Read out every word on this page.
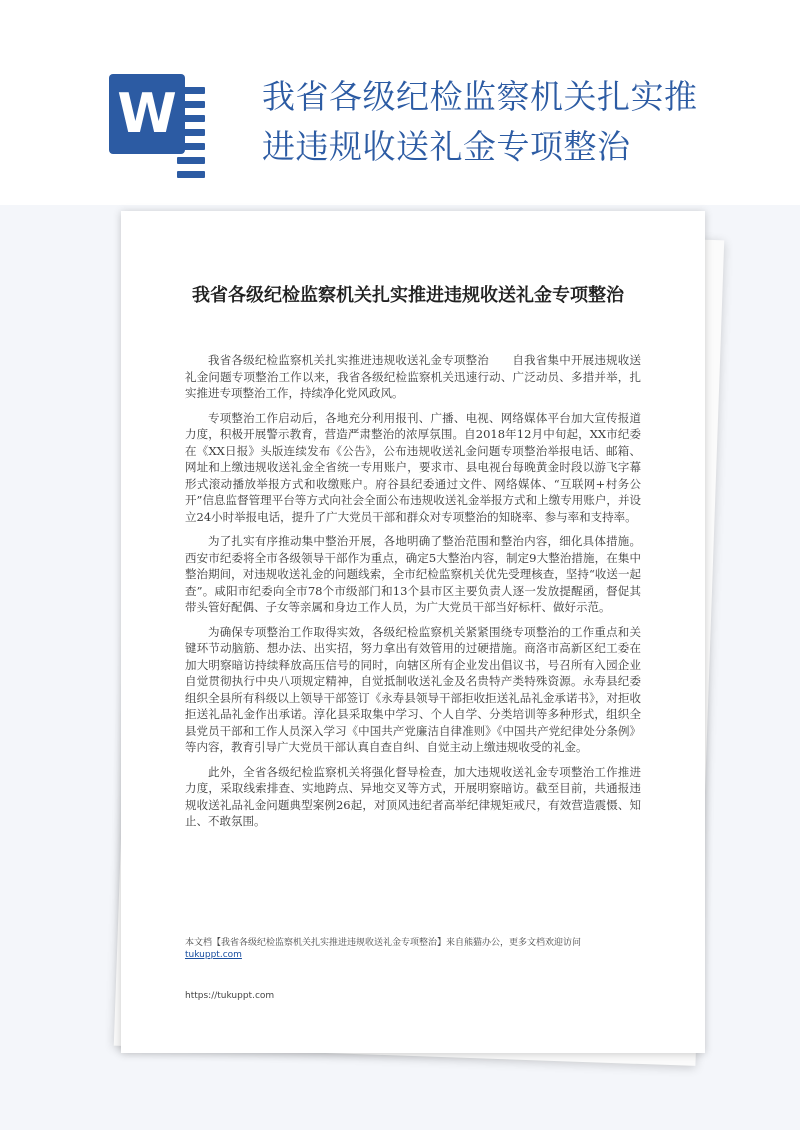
W	我省各级纪检监察机关扎实推进违规收送礼金专项整治
我省各级纪检监察机关扎实推进违规收送礼金专项整治

我省各级纪检监察机关扎实推进违规收送礼金专项整治　　自我省集中开展违规收送礼金问题专项整治工作以来，我省各级纪检监察机关迅速行动、广泛动员、多措并举，扎实推进专项整治工作，持续净化党风政风。

专项整治工作启动后，各地充分利用报刊、广播、电视、网络媒体平台加大宣传报道力度，积极开展警示教育，营造严肃整治的浓厚氛围。自2018年12月中旬起，XX市纪委在《XX日报》头版连续发布《公告》，公布违规收送礼金问题专项整治举报电话、邮箱、网址和上缴违规收送礼金全省统一专用账户，要求市、县电视台每晚黄金时段以游飞字幕形式滚动播放举报方式和收缴账户。府谷县纪委通过文件、网络媒体、“互联网+村务公开”信息监督管理平台等方式向社会全面公布违规收送礼金举报方式和上缴专用账户，并设立24小时举报电话，提升了广大党员干部和群众对专项整治的知晓率、参与率和支持率。

为了扎实有序推动集中整治开展，各地明确了整治范围和整治内容，细化具体措施。西安市纪委将全市各级领导干部作为重点，确定5大整治内容，制定9大整治措施，在集中整治期间，对违规收送礼金的问题线索，全市纪检监察机关优先受理核查，坚持“收送一起查”。咸阳市纪委向全市78个市级部门和13个县市区主要负责人逐一发放提醒函，督促其带头管好配偶、子女等亲属和身边工作人员，为广大党员干部当好标杆、做好示范。

为确保专项整治工作取得实效，各级纪检监察机关紧紧围绕专项整治的工作重点和关键环节动脑筋、想办法、出实招，努力拿出有效管用的过硬措施。商洛市高新区纪工委在加大明察暗访持续释放高压信号的同时，向辖区所有企业发出倡议书，号召所有入园企业自觉贯彻执行中央八项规定精神，自觉抵制收送礼金及名贵特产类特殊资源。永寿县纪委组织全县所有科级以上领导干部签订《永寿县领导干部拒收拒送礼品礼金承诺书》，对拒收拒送礼品礼金作出承诺。淳化县采取集中学习、个人自学、分类培训等多种形式，组织全县党员干部和工作人员深入学习《中国共产党廉洁自律准则》《中国共产党纪律处分条例》等内容，教育引导广大党员干部认真自查自纠、自觉主动上缴违规收受的礼金。

此外，全省各级纪检监察机关将强化督导检查，加大违规收送礼金专项整治工作推进力度，采取线索排查、实地跨点、异地交叉等方式，开展明察暗访。截至目前，共通报违规收送礼品礼金问题典型案例26起，对顶风违纪者高举纪律规矩戒尺，有效营造震慑、知止、不敢氛围。

本文档【我省各级纪检监察机关扎实推进违规收送礼金专项整治】来自熊猫办公，更多文档欢迎访问
tukuppt.com
https://tukuppt.com
